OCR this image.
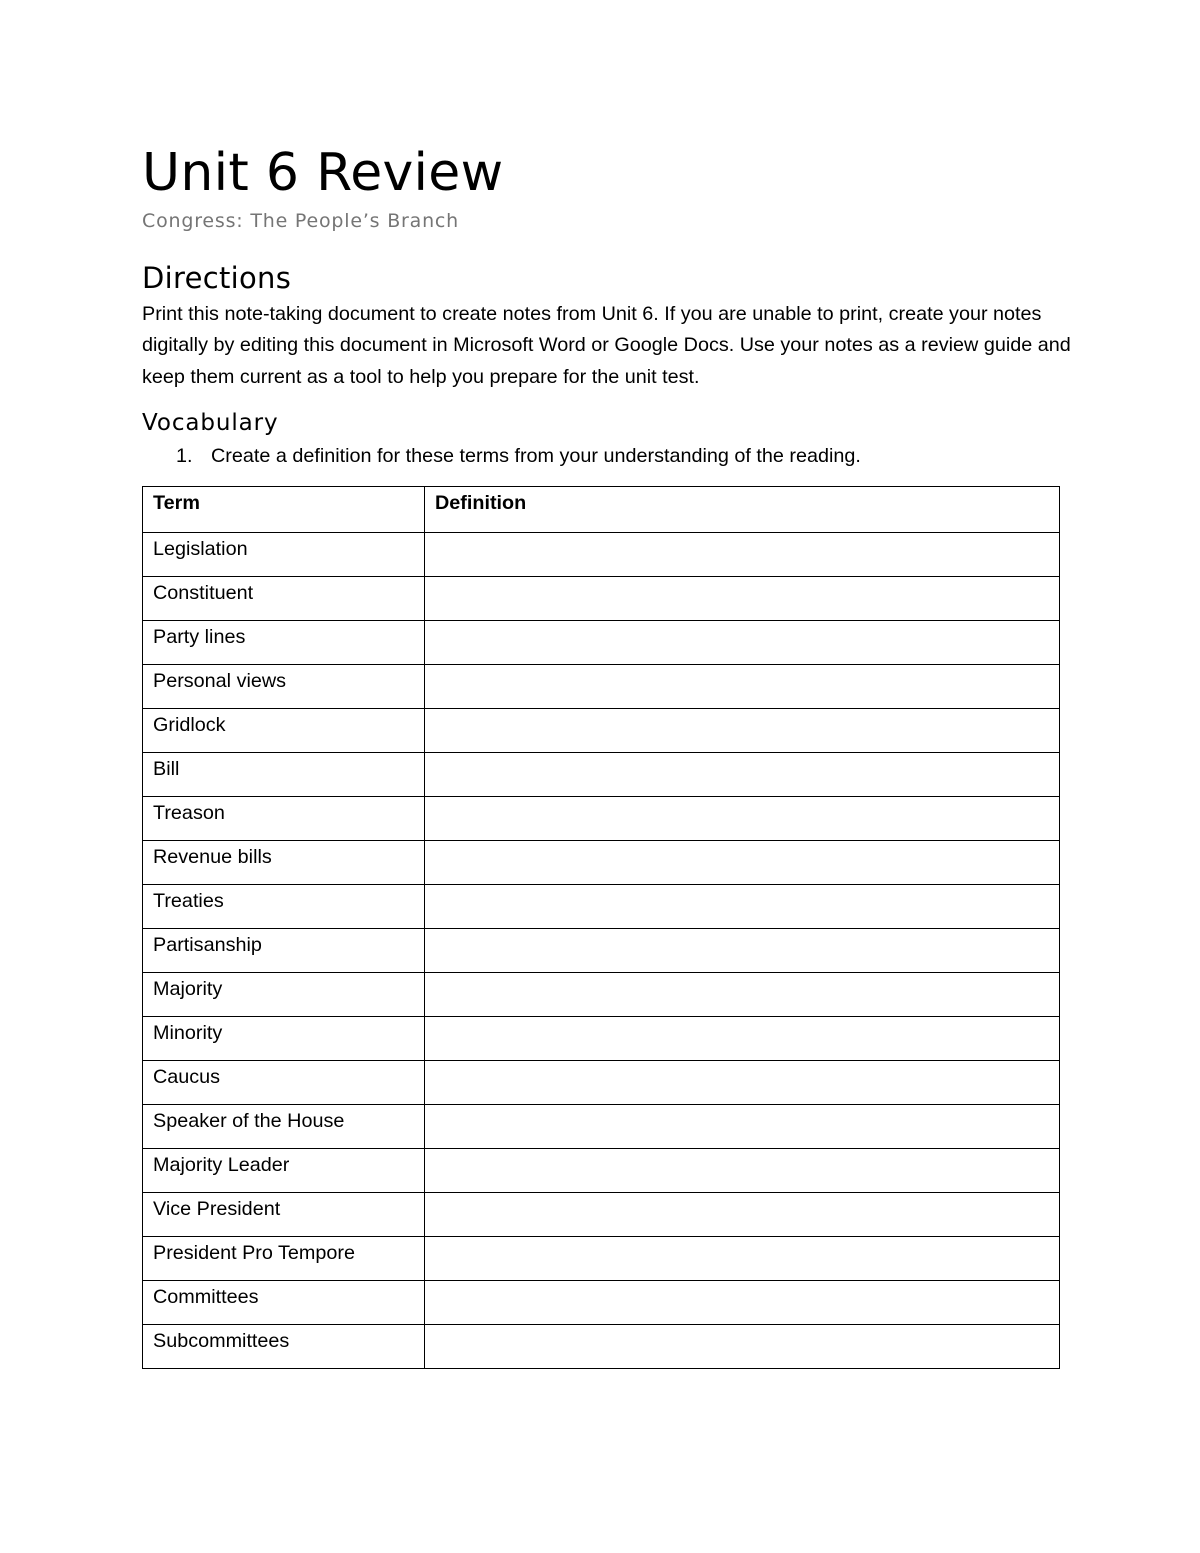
Unit 6 Review

Congress: The People’s Branch

Directions

Print this note-taking document to create notes from Unit 6. If you are unable to print, create your notes digitally by editing this document in Microsoft Word or Google Docs. Use your notes as a review guide and keep them current as a tool to help you prepare for the unit test.

Vocabulary

1. Create a definition for these terms from your understanding of the reading.

Term	Definition
Legislation	
Constituent	
Party lines	
Personal views	
Gridlock	
Bill	
Treason	
Revenue bills	
Treaties	
Partisanship	
Majority	
Minority	
Caucus	
Speaker of the House	
Majority Leader	
Vice President	
President Pro Tempore	
Committees	
Subcommittees	
